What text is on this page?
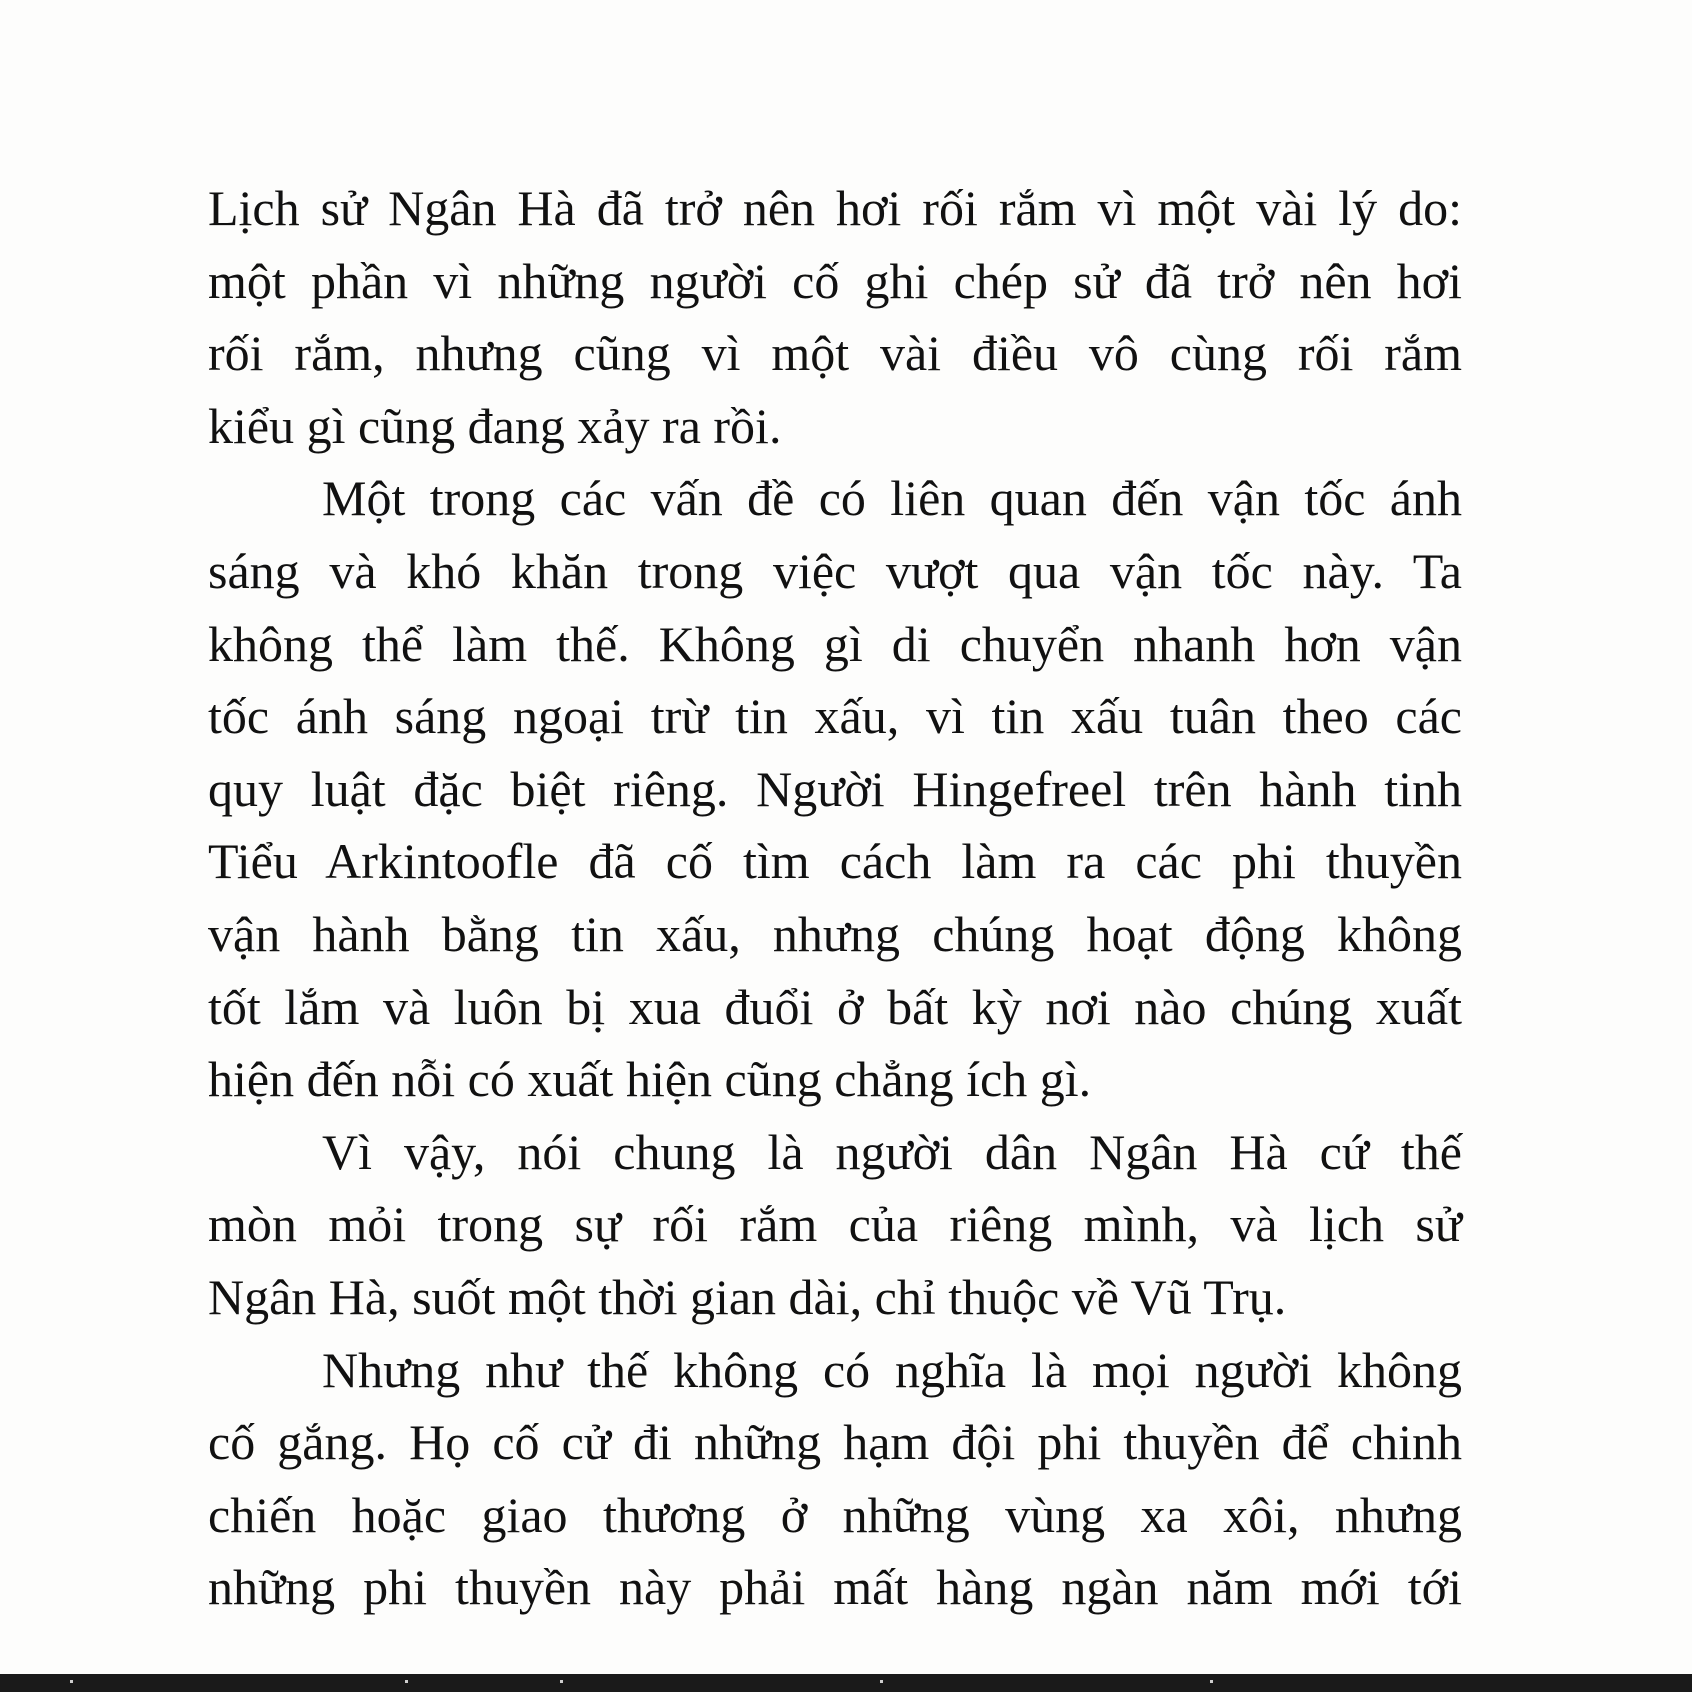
Lịch sử Ngân Hà đã trở nên hơi rối rắm vì một vài lý do:
một phần vì những người cố ghi chép sử đã trở nên hơi
rối rắm, nhưng cũng vì một vài điều vô cùng rối rắm
kiểu gì cũng đang xảy ra rồi.
Một trong các vấn đề có liên quan đến vận tốc ánh
sáng và khó khăn trong việc vượt qua vận tốc này. Ta
không thể làm thế. Không gì di chuyển nhanh hơn vận
tốc ánh sáng ngoại trừ tin xấu, vì tin xấu tuân theo các
quy luật đặc biệt riêng. Người Hingefreel trên hành tinh
Tiểu Arkintoofle đã cố tìm cách làm ra các phi thuyền
vận hành bằng tin xấu, nhưng chúng hoạt động không
tốt lắm và luôn bị xua đuổi ở bất kỳ nơi nào chúng xuất
hiện đến nỗi có xuất hiện cũng chẳng ích gì.
Vì vậy, nói chung là người dân Ngân Hà cứ thế
mòn mỏi trong sự rối rắm của riêng mình, và lịch sử
Ngân Hà, suốt một thời gian dài, chỉ thuộc về Vũ Trụ.
Nhưng như thế không có nghĩa là mọi người không
cố gắng. Họ cố cử đi những hạm đội phi thuyền để chinh
chiến hoặc giao thương ở những vùng xa xôi, nhưng
những phi thuyền này phải mất hàng ngàn năm mới tới
